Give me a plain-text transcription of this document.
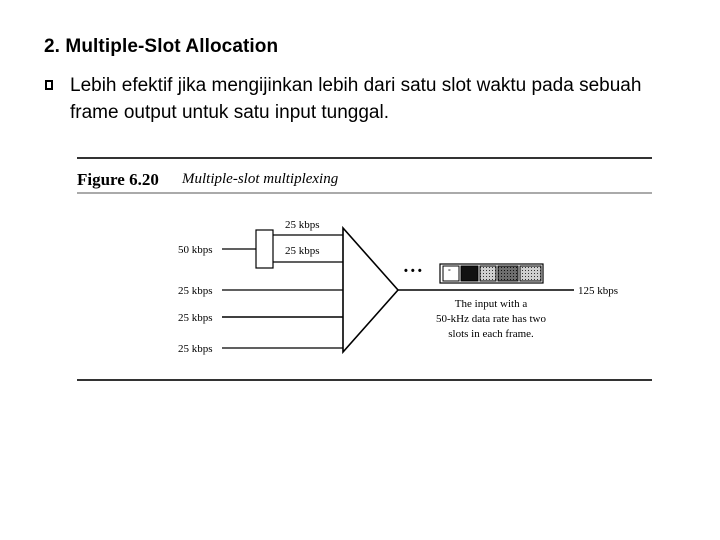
2. Multiple-Slot Allocation
Lebih efektif jika mengijinkan lebih dari satu slot waktu pada sebuah frame output untuk satu input tunggal.
Figure 6.20 Multiple-slot multiplexing
50 kbps
25 kbps
25 kbps
25 kbps
25 kbps
25 kbps
125 kbps
• • •	°
The input with a
50-kHz data rate has two
slots in each frame.
